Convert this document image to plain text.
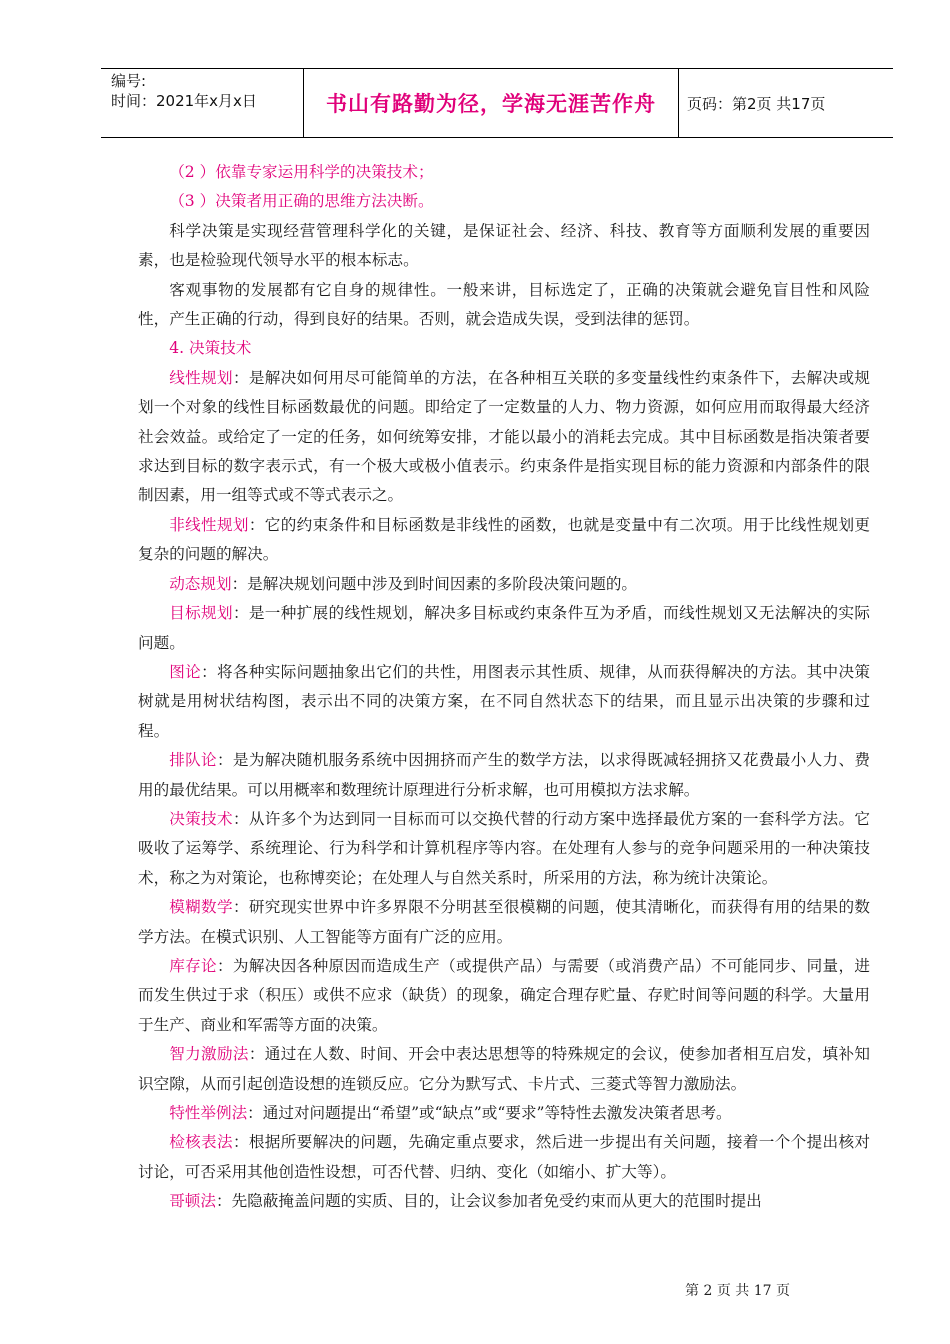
编号:
时间：2021年x月x日	书山有路勤为径，学海无涯苦作舟	页码：第2页 共17页

（2 ）依靠专家运用科学的决策技术；

（3 ）决策者用正确的思维方法决断。

科学决策是实现经营管理科学化的关键，是保证社会、经济、科技、教育等方面顺利发展的重要因素，也是检验现代领导水平的根本标志。

客观事物的发展都有它自身的规律性。一般来讲，目标选定了，正确的决策就会避免盲目性和风险性，产生正确的行动，得到良好的结果。否则，就会造成失误，受到法律的惩罚。

4. 决策技术

线性规划：是解决如何用尽可能简单的方法，在各种相互关联的多变量线性约束条件下，去解决或规划一个对象的线性目标函数最优的问题。即给定了一定数量的人力、物力资源，如何应用而取得最大经济社会效益。或给定了一定的任务，如何统筹安排，才能以最小的消耗去完成。其中目标函数是指决策者要求达到目标的数字表示式，有一个极大或极小值表示。约束条件是指实现目标的能力资源和内部条件的限制因素，用一组等式或不等式表示之。

非线性规划：它的约束条件和目标函数是非线性的函数，也就是变量中有二次项。用于比线性规划更复杂的问题的解决。

动态规划：是解决规划问题中涉及到时间因素的多阶段决策问题的。

目标规划：是一种扩展的线性规划，解决多目标或约束条件互为矛盾，而线性规划又无法解决的实际问题。

图论：将各种实际问题抽象出它们的共性，用图表示其性质、规律，从而获得解决的方法。其中决策树就是用树状结构图，表示出不同的决策方案，在不同自然状态下的结果，而且显示出决策的步骤和过程。

排队论：是为解决随机服务系统中因拥挤而产生的数学方法，以求得既减轻拥挤又花费最小人力、费用的最优结果。可以用概率和数理统计原理进行分析求解，也可用模拟方法求解。

决策技术：从许多个为达到同一目标而可以交换代替的行动方案中选择最优方案的一套科学方法。它吸收了运筹学、系统理论、行为科学和计算机程序等内容。在处理有人参与的竞争问题采用的一种决策技术，称之为对策论，也称博奕论；在处理人与自然关系时，所采用的方法，称为统计决策论。

模糊数学：研究现实世界中许多界限不分明甚至很模糊的问题，使其清晰化，而获得有用的结果的数学方法。在模式识别、人工智能等方面有广泛的应用。

库存论：为解决因各种原因而造成生产（或提供产品）与需要（或消费产品）不可能同步、同量，进而发生供过于求（积压）或供不应求（缺货）的现象，确定合理存贮量、存贮时间等问题的科学。大量用于生产、商业和军需等方面的决策。

智力激励法：通过在人数、时间、开会中表达思想等的特殊规定的会议，使参加者相互启发，填补知识空隙，从而引起创造设想的连锁反应。它分为默写式、卡片式、三菱式等智力激励法。

特性举例法：通过对问题提出“希望”或“缺点”或“要求”等特性去激发决策者思考。

检核表法：根据所要解决的问题，先确定重点要求，然后进一步提出有关问题，接着一个个提出核对讨论，可否采用其他创造性设想，可否代替、归纳、变化（如缩小、扩大等）。

哥顿法：先隐蔽掩盖问题的实质、目的，让会议参加者免受约束而从更大的范围时提出

第 2 页 共 17 页
